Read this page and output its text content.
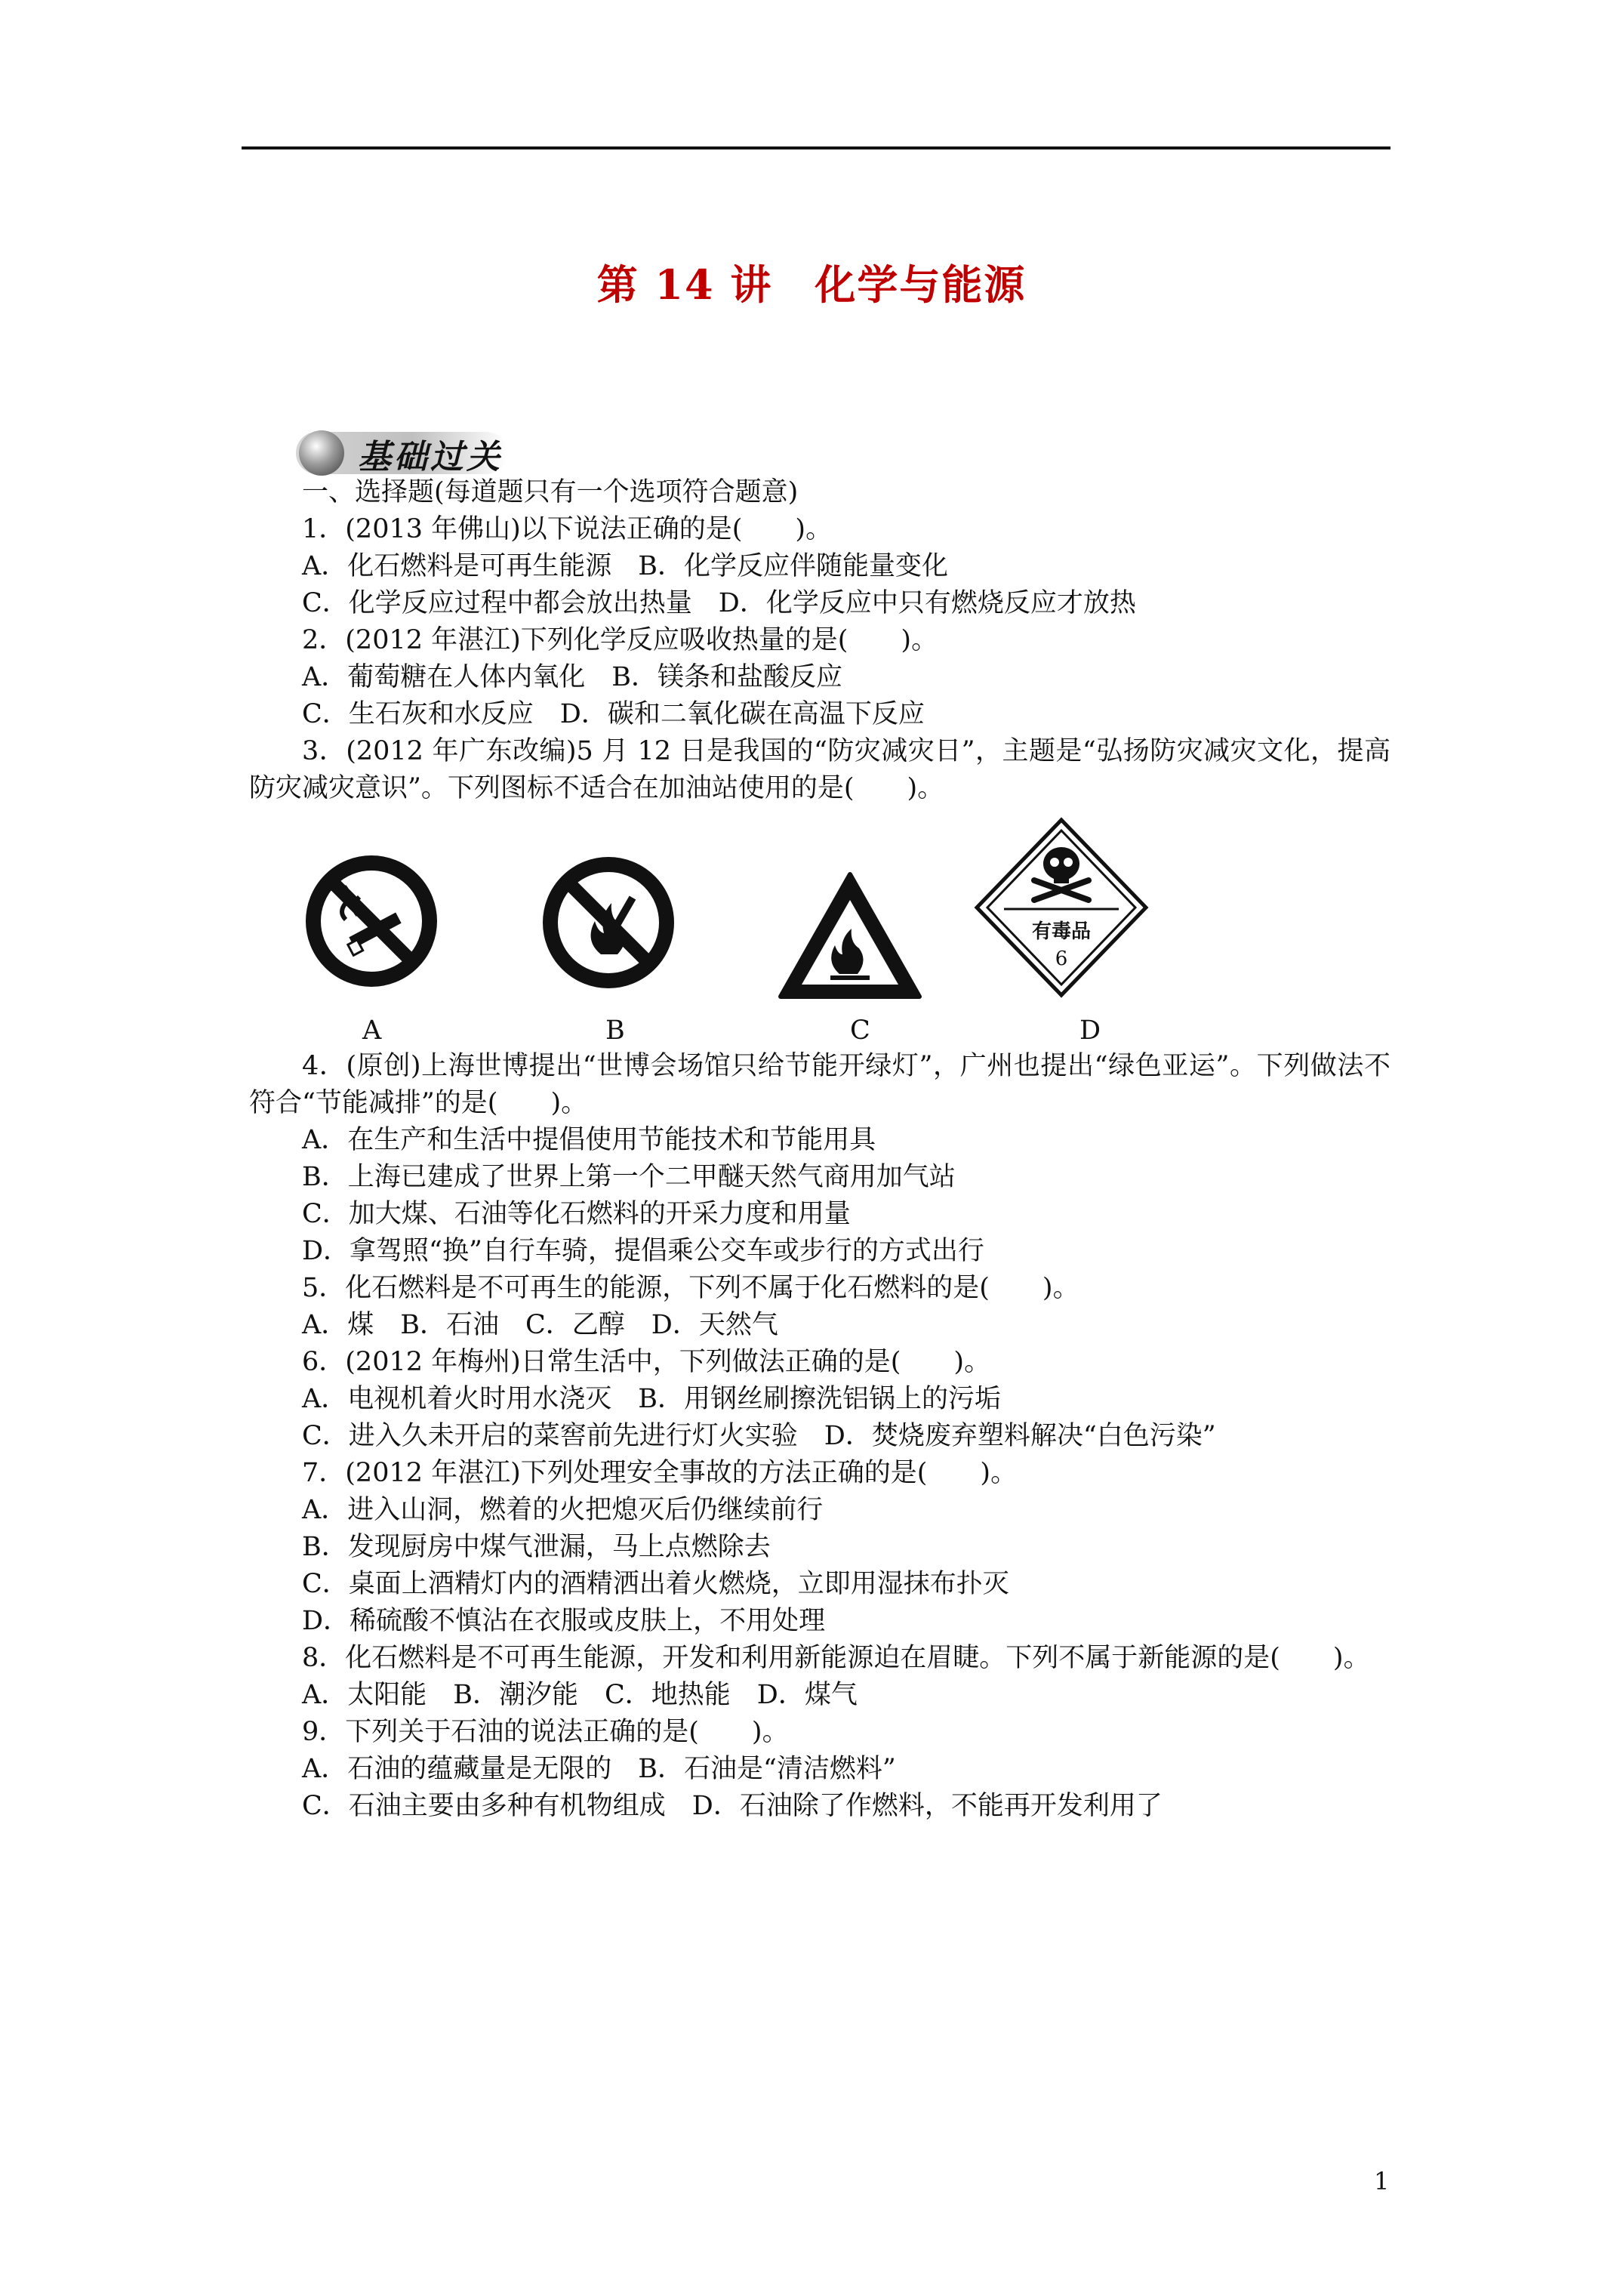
第 14 讲　化学与能源
基础过关
一、选择题(每道题只有一个选项符合题意)
1．(2013 年佛山)以下说法正确的是(　　)。
A．化石燃料是可再生能源　B．化学反应伴随能量变化
C．化学反应过程中都会放出热量　D．化学反应中只有燃烧反应才放热
2．(2012 年湛江)下列化学反应吸收热量的是(　　)。
A．葡萄糖在人体内氧化　B．镁条和盐酸反应
C．生石灰和水反应　D．碳和二氧化碳在高温下反应
3．(2012 年广东改编)5 月 12 日是我国的“防灾减灾日”，主题是“弘扬防灾减灾文化，提高防灾减灾意识”。下列图标不适合在加油站使用的是(　　)。
有毒品
6
A	B	C	D
4．(原创)上海世博提出“世博会场馆只给节能开绿灯”，广州也提出“绿色亚运”。下列做法不符合“节能减排”的是(　　)。
A．在生产和生活中提倡使用节能技术和节能用具
B．上海已建成了世界上第一个二甲醚天然气商用加气站
C．加大煤、石油等化石燃料的开采力度和用量
D．拿驾照“换”自行车骑，提倡乘公交车或步行的方式出行
5．化石燃料是不可再生的能源，下列不属于化石燃料的是(　　)。
A．煤　B．石油　C．乙醇　D．天然气
6．(2012 年梅州)日常生活中，下列做法正确的是(　　)。
A．电视机着火时用水浇灭　B．用钢丝刷擦洗铝锅上的污垢
C．进入久未开启的菜窖前先进行灯火实验　D．焚烧废弃塑料解决“白色污染”
7．(2012 年湛江)下列处理安全事故的方法正确的是(　　)。
A．进入山洞，燃着的火把熄灭后仍继续前行
B．发现厨房中煤气泄漏，马上点燃除去
C．桌面上酒精灯内的酒精洒出着火燃烧，立即用湿抹布扑灭
D．稀硫酸不慎沾在衣服或皮肤上，不用处理
8．化石燃料是不可再生能源，开发和利用新能源迫在眉睫。下列不属于新能源的是(　　)。
A．太阳能　B．潮汐能　C．地热能　D．煤气
9．下列关于石油的说法正确的是(　　)。
A．石油的蕴藏量是无限的　B．石油是“清洁燃料”
C．石油主要由多种有机物组成　D．石油除了作燃料，不能再开发利用了
1
